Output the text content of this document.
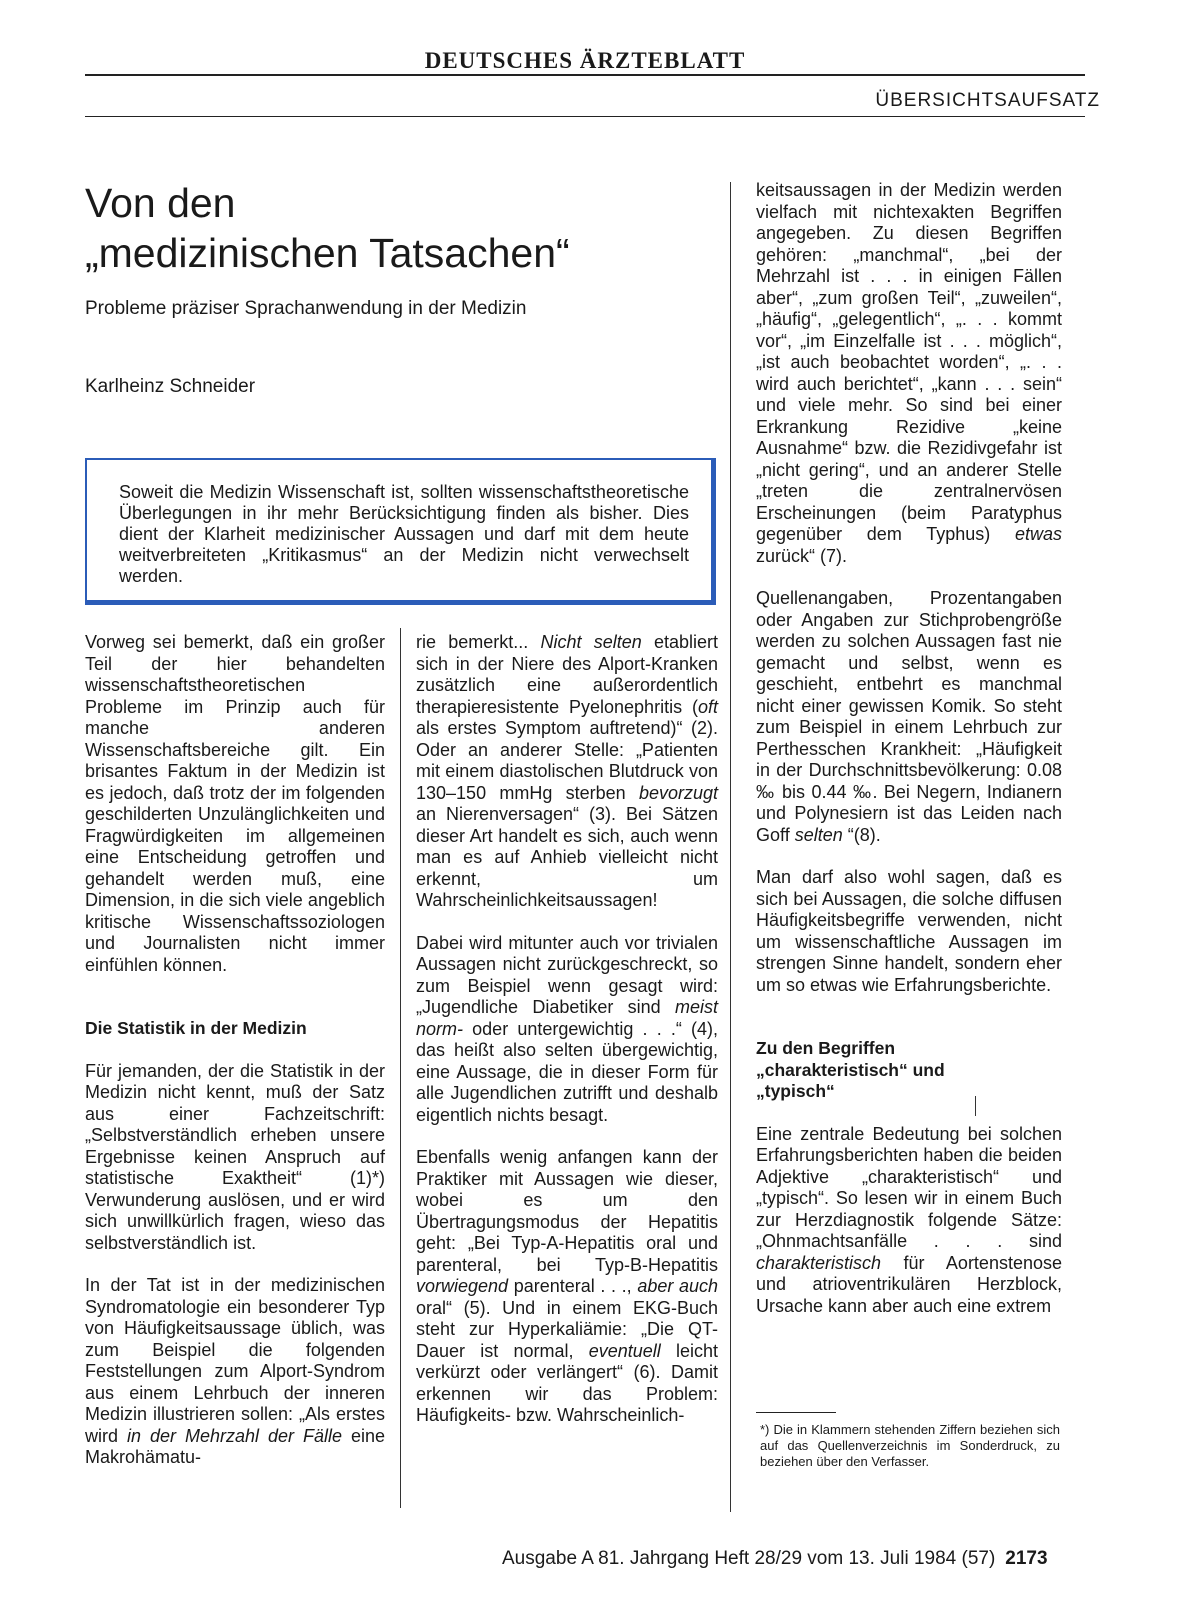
DEUTSCHES ÄRZTEBLATT
ÜBERSICHTSAUFSATZ
Von den
„medizinischen Tatsachen“
Probleme präziser Sprachanwendung in der Medizin
Karlheinz Schneider

Soweit die Medizin Wissenschaft ist, sollten wissenschaftstheoretische Überlegungen in ihr mehr Berücksichtigung finden als bisher. Dies dient der Klarheit medizinischer Aussagen und darf mit dem heute weitverbreiteten „Kritikasmus“ an der Medizin nicht verwechselt werden.

Vorweg sei bemerkt, daß ein großer Teil der hier behandelten wissenschaftstheoretischen Probleme im Prinzip auch für manche anderen Wissenschaftsbereiche gilt. Ein brisantes Faktum in der Medizin ist es jedoch, daß trotz der im folgenden geschilderten Unzulänglichkeiten und Fragwürdigkeiten im allgemeinen eine Entscheidung getroffen und gehandelt werden muß, eine Dimension, in die sich viele angeblich kritische Wissenschaftssoziologen und Journalisten nicht immer einfühlen können.

Die Statistik in der Medizin

Für jemanden, der die Statistik in der Medizin nicht kennt, muß der Satz aus einer Fachzeitschrift: „Selbstverständlich erheben unsere Ergebnisse keinen Anspruch auf statistische Exaktheit“ (1)*) Verwunderung auslösen, und er wird sich unwillkürlich fragen, wieso das selbstverständlich ist.

In der Tat ist in der medizinischen Syndromatologie ein besonderer Typ von Häufigkeitsaussage üblich, was zum Beispiel die folgenden Feststellungen zum Alport-Syndrom aus einem Lehrbuch der inneren Medizin illustrieren sollen: „Als erstes wird in der Mehrzahl der Fälle eine Makrohämatu-

rie bemerkt... Nicht selten etabliert sich in der Niere des Alport-Kranken zusätzlich eine außerordentlich therapieresistente Pyelonephritis (oft als erstes Symptom auftretend)“ (2). Oder an anderer Stelle: „Patienten mit einem diastolischen Blutdruck von 130–150 mmHg sterben bevorzugt an Nierenversagen“ (3). Bei Sätzen dieser Art handelt es sich, auch wenn man es auf Anhieb vielleicht nicht erkennt, um Wahrscheinlichkeitsaussagen!

Dabei wird mitunter auch vor trivialen Aussagen nicht zurückgeschreckt, so zum Beispiel wenn gesagt wird: „Jugendliche Diabetiker sind meist norm- oder untergewichtig . . .“ (4), das heißt also selten übergewichtig, eine Aussage, die in dieser Form für alle Jugendlichen zutrifft und deshalb eigentlich nichts besagt.

Ebenfalls wenig anfangen kann der Praktiker mit Aussagen wie dieser, wobei es um den Übertragungsmodus der Hepatitis geht: „Bei Typ-A-Hepatitis oral und parenteral, bei Typ-B-Hepatitis vorwiegend parenteral . . ., aber auch oral“ (5). Und in einem EKG-Buch steht zur Hyperkaliämie: „Die QT-Dauer ist normal, eventuell leicht verkürzt oder verlängert“ (6). Damit erkennen wir das Problem: Häufigkeits- bzw. Wahrscheinlich-

keitsaussagen in der Medizin werden vielfach mit nichtexakten Begriffen angegeben. Zu diesen Begriffen gehören: „manchmal“, „bei der Mehrzahl ist . . . in einigen Fällen aber“, „zum großen Teil“, „zuweilen“, „häufig“, „gelegentlich“, „. . . kommt vor“, „im Einzelfalle ist . . . möglich“, „ist auch beobachtet worden“, „. . . wird auch berichtet“, „kann . . . sein“ und viele mehr. So sind bei einer Erkrankung Rezidive „keine Ausnahme“ bzw. die Rezidivgefahr ist „nicht gering“, und an anderer Stelle „treten die zentralnervösen Erscheinungen (beim Paratyphus gegenüber dem Typhus) etwas zurück“ (7).

Quellenangaben, Prozentangaben oder Angaben zur Stichprobengröße werden zu solchen Aussagen fast nie gemacht und selbst, wenn es geschieht, entbehrt es manchmal nicht einer gewissen Komik. So steht zum Beispiel in einem Lehrbuch zur Perthesschen Krankheit: „Häufigkeit in der Durchschnittsbevölkerung: 0.08 ‰ bis 0.44 ‰. Bei Negern, Indianern und Polynesiern ist das Leiden nach Goff selten “(8).

Man darf also wohl sagen, daß es sich bei Aussagen, die solche diffusen Häufigkeitsbegriffe verwenden, nicht um wissenschaftliche Aussagen im strengen Sinne handelt, sondern eher um so etwas wie Erfahrungsberichte.

Zu den Begriffen
„charakteristisch“ und
„typisch“

Eine zentrale Bedeutung bei solchen Erfahrungsberichten haben die beiden Adjektive „charakteristisch“ und „typisch“. So lesen wir in einem Buch zur Herzdiagnostik folgende Sätze: „Ohnmachtsanfälle . . . sind charakteristisch für Aortenstenose und atrioventrikulären Herzblock, Ursache kann aber auch eine extrem

*) Die in Klammern stehenden Ziffern beziehen sich auf das Quellenverzeichnis im Sonderdruck, zu beziehen über den Verfasser.
Ausgabe A 81. Jahrgang Heft 28/29 vom 13. Juli 1984 (57) 2173
